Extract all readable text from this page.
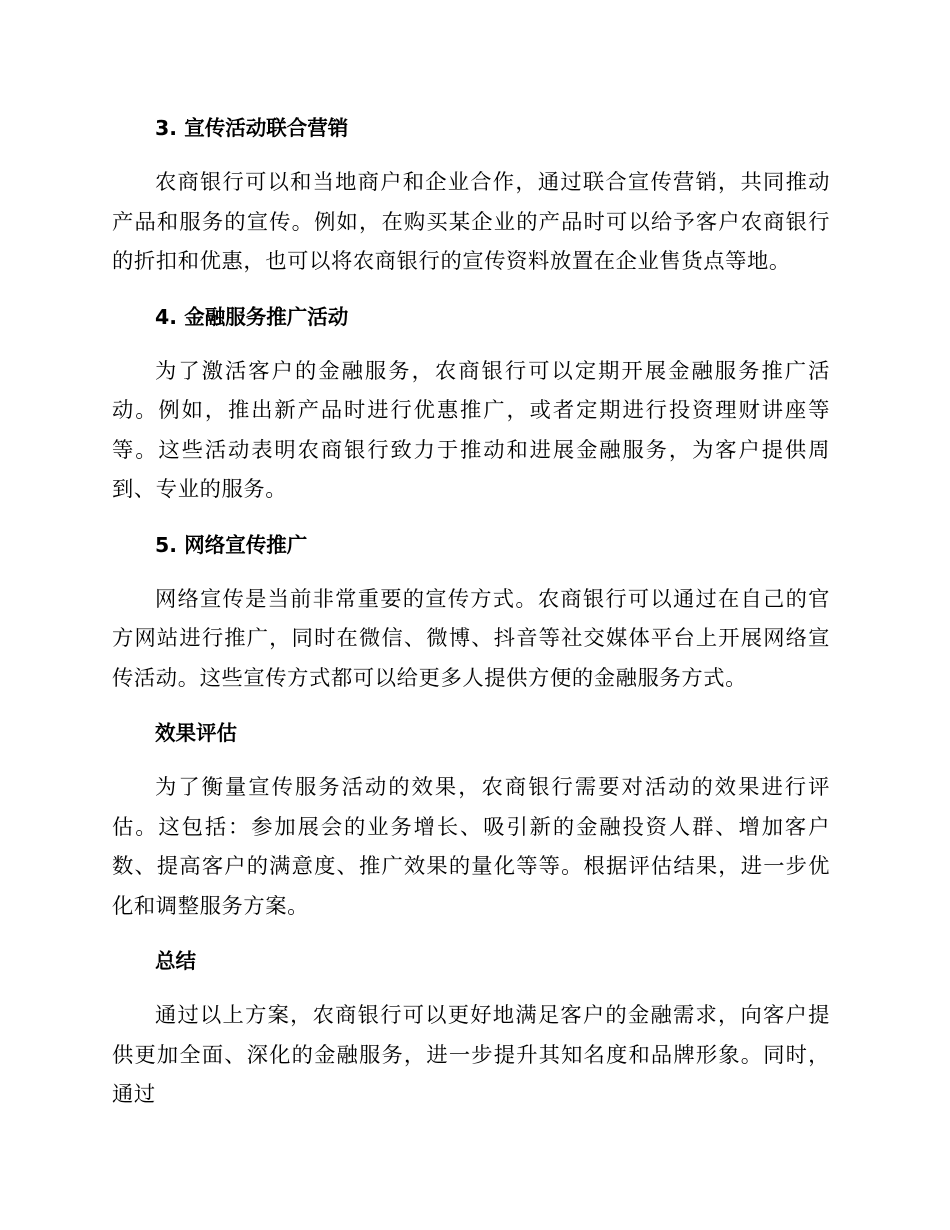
3. 宣传活动联合营销

农商银行可以和当地商户和企业合作，通过联合宣传营销，共同推动产品和服务的宣传。例如，在购买某企业的产品时可以给予客户农商银行的折扣和优惠，也可以将农商银行的宣传资料放置在企业售货点等地。

4. 金融服务推广活动

为了激活客户的金融服务，农商银行可以定期开展金融服务推广活动。例如，推出新产品时进行优惠推广，或者定期进行投资理财讲座等等。这些活动表明农商银行致力于推动和进展金融服务，为客户提供周到、专业的服务。

5. 网络宣传推广

网络宣传是当前非常重要的宣传方式。农商银行可以通过在自己的官方网站进行推广，同时在微信、微博、抖音等社交媒体平台上开展网络宣传活动。这些宣传方式都可以给更多人提供方便的金融服务方式。

效果评估

为了衡量宣传服务活动的效果，农商银行需要对活动的效果进行评估。这包括：参加展会的业务增长、吸引新的金融投资人群、增加客户数、提高客户的满意度、推广效果的量化等等。根据评估结果，进一步优化和调整服务方案。

总结

通过以上方案，农商银行可以更好地满足客户的金融需求，向客户提供更加全面、深化的金融服务，进一步提升其知名度和品牌形象。同时，通过
